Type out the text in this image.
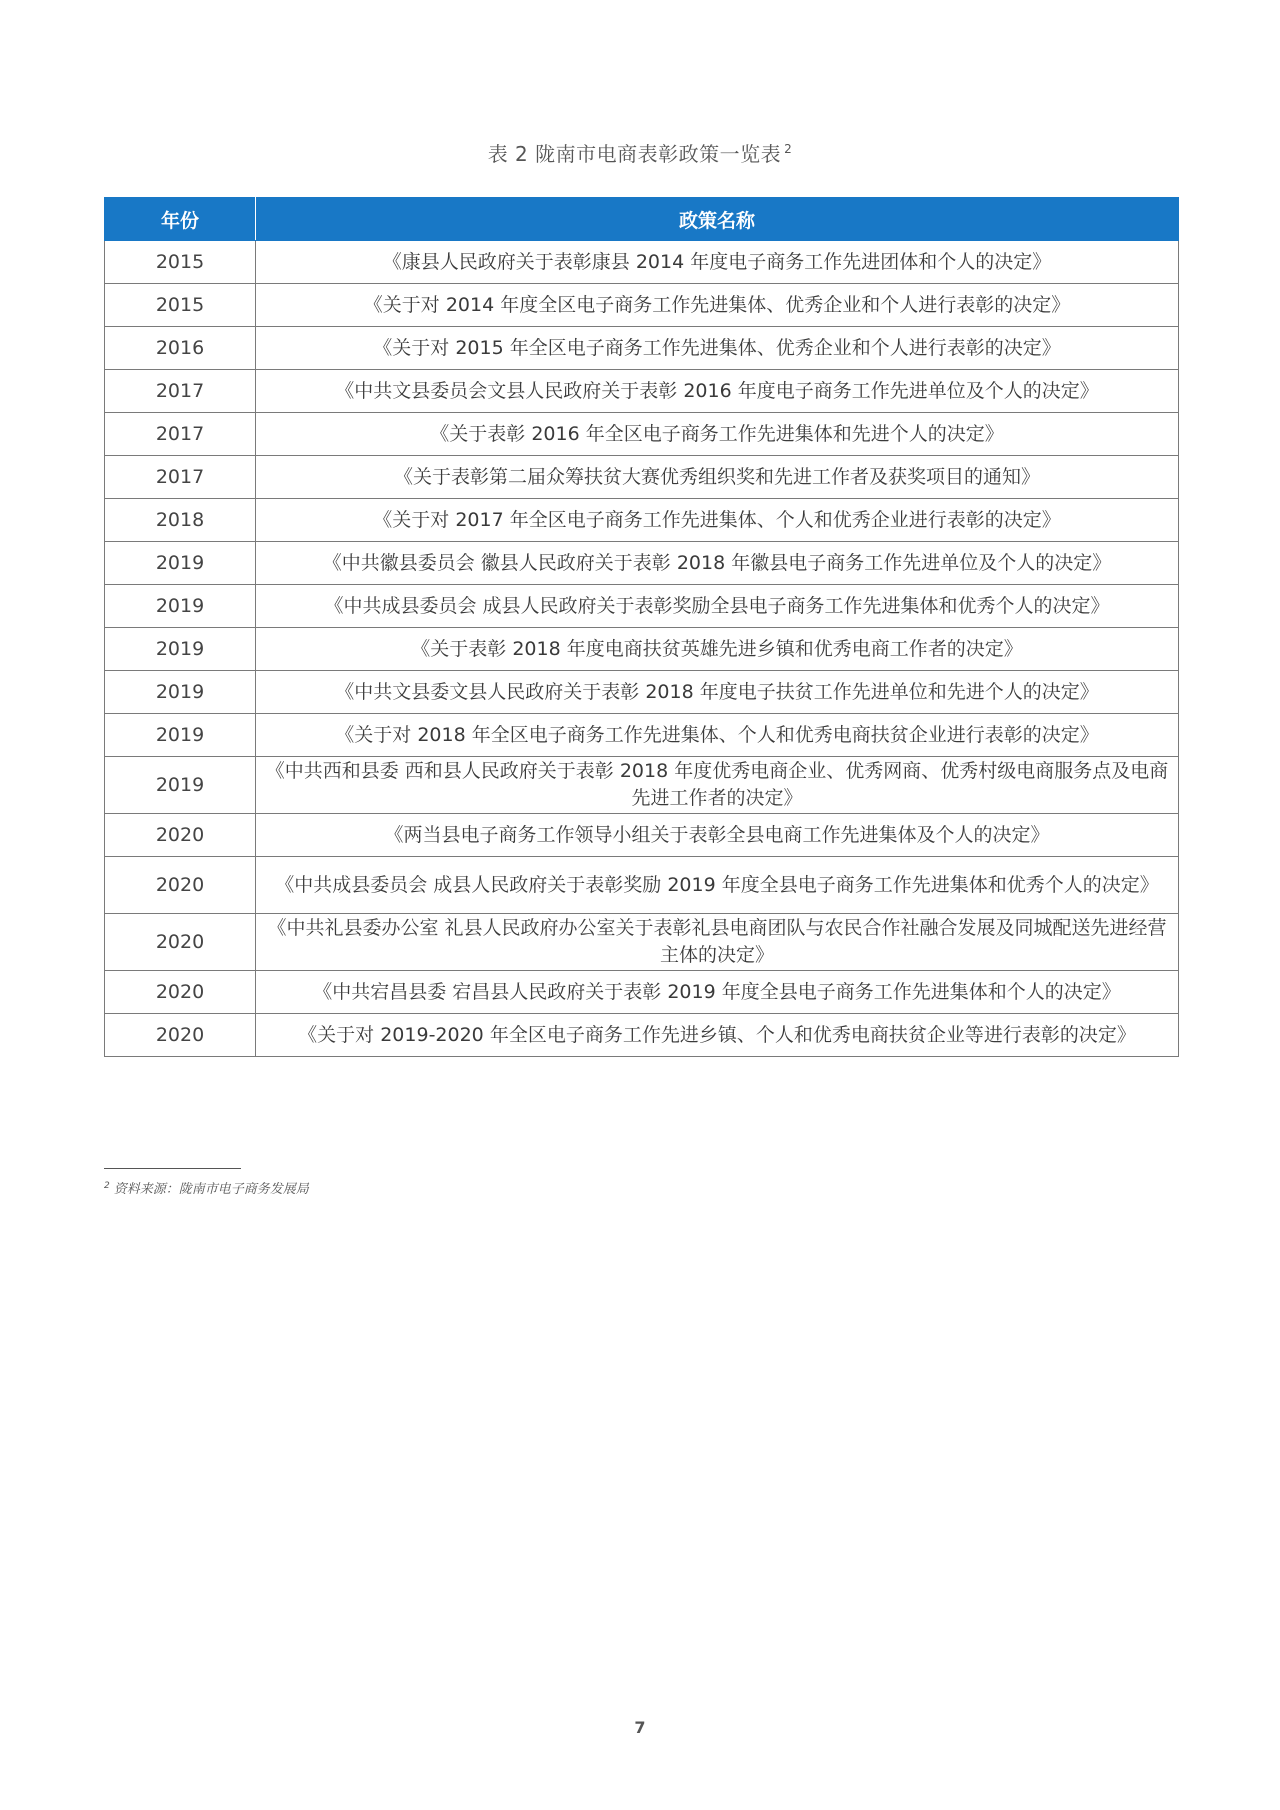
表 2 陇南市电商表彰政策一览表 $^2$
年份	政策名称
2015	《康县人民政府关于表彰康县 2014 年度电子商务工作先进团体和个人的决定》
2015	《关于对 2014 年度全区电子商务工作先进集体、优秀企业和个人进行表彰的决定》
2016	《关于对 2015 年全区电子商务工作先进集体、优秀企业和个人进行表彰的决定》
2017	《中共文县委员会文县人民政府关于表彰 2016 年度电子商务工作先进单位及个人的决定》
2017	《关于表彰 2016 年全区电子商务工作先进集体和先进个人的决定》
2017	《关于表彰第二届众筹扶贫大赛优秀组织奖和先进工作者及获奖项目的通知》
2018	《关于对 2017 年全区电子商务工作先进集体、个人和优秀企业进行表彰的决定》
2019	《中共徽县委员会 徽县人民政府关于表彰 2018 年徽县电子商务工作先进单位及个人的决定》
2019	《中共成县委员会 成县人民政府关于表彰奖励全县电子商务工作先进集体和优秀个人的决定》
2019	《关于表彰 2018 年度电商扶贫英雄先进乡镇和优秀电商工作者的决定》
2019	《中共文县委文县人民政府关于表彰 2018 年度电子扶贫工作先进单位和先进个人的决定》
2019	《关于对 2018 年全区电子商务工作先进集体、个人和优秀电商扶贫企业进行表彰的决定》
2019	《中共西和县委 西和县人民政府关于表彰 2018 年度优秀电商企业、优秀网商、优秀村级电商服务点及电商先进工作者的决定》
2020	《两当县电子商务工作领导小组关于表彰全县电商工作先进集体及个人的决定》
2020	《中共成县委员会 成县人民政府关于表彰奖励 2019 年度全县电子商务工作先进集体和优秀个人的决定》
2020	《中共礼县委办公室 礼县人民政府办公室关于表彰礼县电商团队与农民合作社融合发展及同城配送先进经营主体的决定》
2020	《中共宕昌县委 宕昌县人民政府关于表彰 2019 年度全县电子商务工作先进集体和个人的决定》
2020	《关于对 2019-2020 年全区电子商务工作先进乡镇、个人和优秀电商扶贫企业等进行表彰的决定》
$^2$ 资料来源：陇南市电子商务发展局
7
